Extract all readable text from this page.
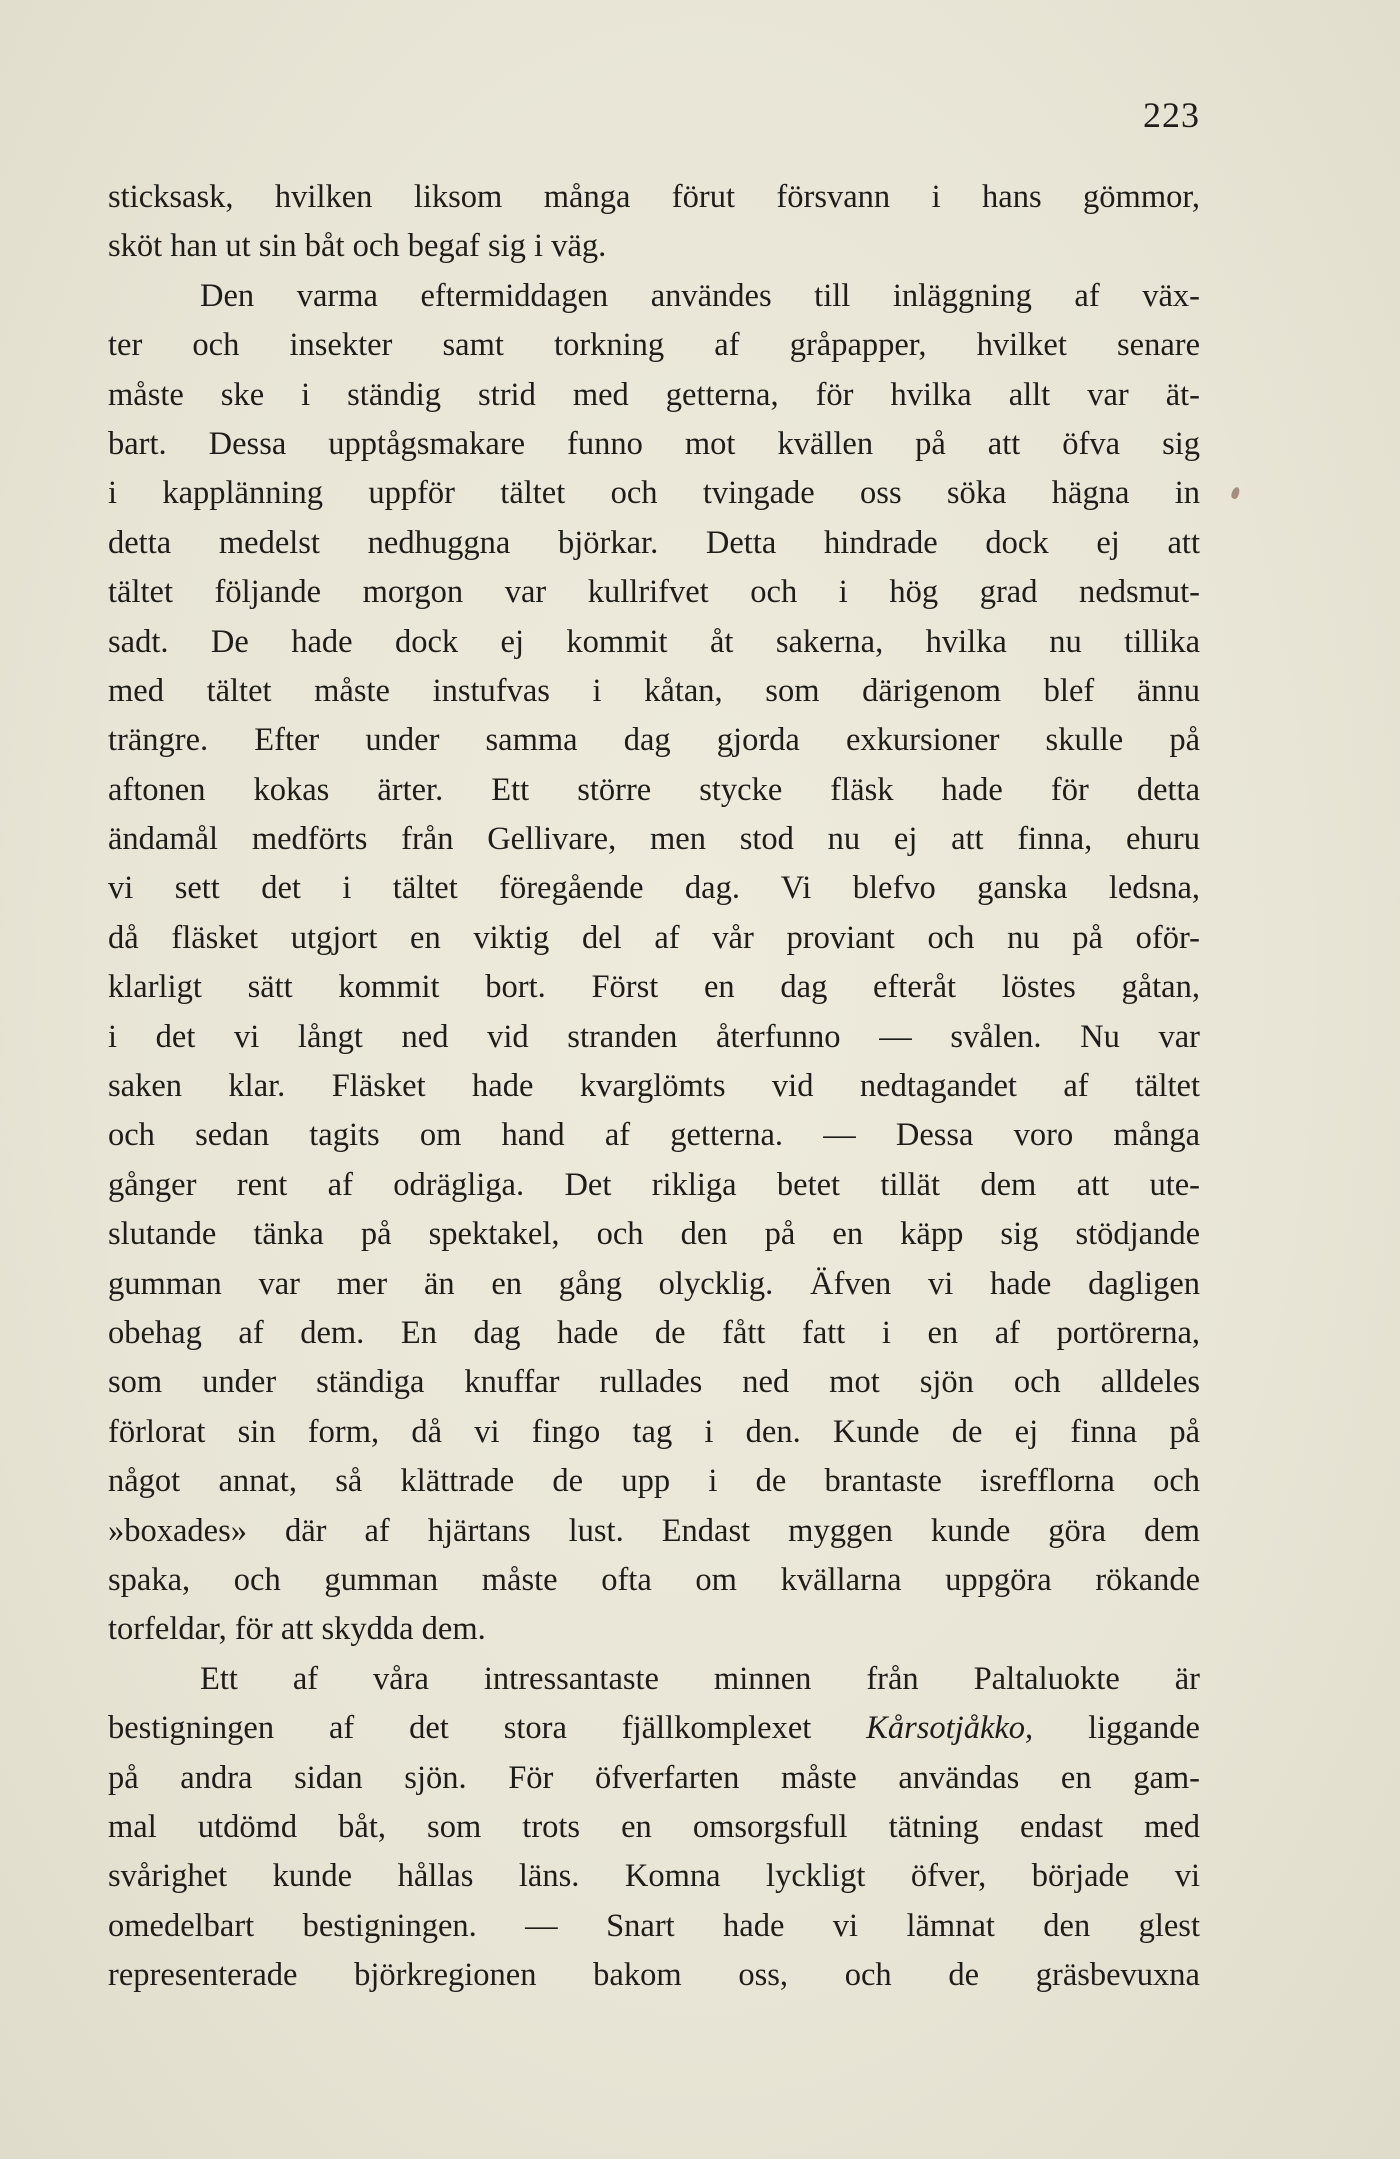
223
sticksask, hvilken liksom många förut försvann i hans gömmor,
sköt han ut sin båt och begaf sig i väg.
Den varma eftermiddagen användes till inläggning af väx-
ter och insekter samt torkning af gråpapper, hvilket senare
måste ske i ständig strid med getterna, för hvilka allt var ät-
bart. Dessa upptågsmakare funno mot kvällen på att öfva sig
i kapplänning uppför tältet och tvingade oss söka hägna in
detta medelst nedhuggna björkar. Detta hindrade dock ej att
tältet följande morgon var kullrifvet och i hög grad nedsmut-
sadt. De hade dock ej kommit åt sakerna, hvilka nu tillika
med tältet måste instufvas i kåtan, som därigenom blef ännu
trängre. Efter under samma dag gjorda exkursioner skulle på
aftonen kokas ärter. Ett större stycke fläsk hade för detta
ändamål medförts från Gellivare, men stod nu ej att finna, ehuru
vi sett det i tältet föregående dag. Vi blefvo ganska ledsna,
då fläsket utgjort en viktig del af vår proviant och nu på oför-
klarligt sätt kommit bort. Först en dag efteråt löstes gåtan,
i det vi långt ned vid stranden återfunno — svålen. Nu var
saken klar. Fläsket hade kvarglömts vid nedtagandet af tältet
och sedan tagits om hand af getterna. — Dessa voro många
gånger rent af odrägliga. Det rikliga betet tillät dem att ute-
slutande tänka på spektakel, och den på en käpp sig stödjande
gumman var mer än en gång olycklig. Äfven vi hade dagligen
obehag af dem. En dag hade de fått fatt i en af portörerna,
som under ständiga knuffar rullades ned mot sjön och alldeles
förlorat sin form, då vi fingo tag i den. Kunde de ej finna på
något annat, så klättrade de upp i de brantaste isrefflorna och
»boxades» där af hjärtans lust. Endast myggen kunde göra dem
spaka, och gumman måste ofta om kvällarna uppgöra rökande
torfeldar, för att skydda dem.
Ett af våra intressantaste minnen från Paltaluokte är
bestigningen af det stora fjällkomplexet Kårsotjåkko, liggande
på andra sidan sjön. För öfverfarten måste användas en gam-
mal utdömd båt, som trots en omsorgsfull tätning endast med
svårighet kunde hållas läns. Komna lyckligt öfver, började vi
omedelbart bestigningen. — Snart hade vi lämnat den glest
representerade björkregionen bakom oss, och de gräsbevuxna
